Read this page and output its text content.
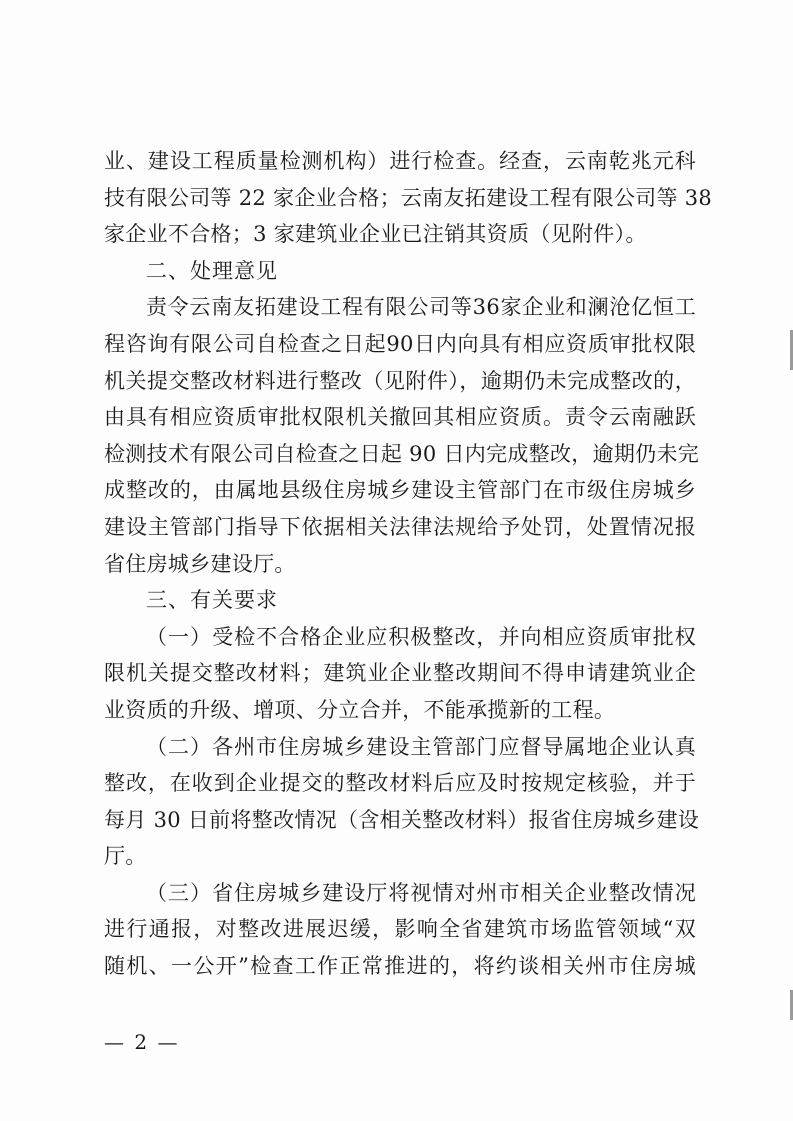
业、建设工程质量检测机构）进行检查。经查，云南乾兆元科
技有限公司等 22 家企业合格；云南友拓建设工程有限公司等 38
家企业不合格；3 家建筑业企业已注销其资质（见附件）。
二、处理意见
责令云南友拓建设工程有限公司等36家企业和澜沧亿恒工
程咨询有限公司自检查之日起90日内向具有相应资质审批权限
机关提交整改材料进行整改（见附件），逾期仍未完成整改的，
由具有相应资质审批权限机关撤回其相应资质。责令云南融跃
检测技术有限公司自检查之日起 90 日内完成整改，逾期仍未完
成整改的，由属地县级住房城乡建设主管部门在市级住房城乡
建设主管部门指导下依据相关法律法规给予处罚，处置情况报
省住房城乡建设厅。
三、有关要求
（一）受检不合格企业应积极整改，并向相应资质审批权
限机关提交整改材料；建筑业企业整改期间不得申请建筑业企
业资质的升级、增项、分立合并，不能承揽新的工程。
（二）各州市住房城乡建设主管部门应督导属地企业认真
整改，在收到企业提交的整改材料后应及时按规定核验，并于
每月 30 日前将整改情况（含相关整改材料）报省住房城乡建设
厅。
（三）省住房城乡建设厅将视情对州市相关企业整改情况
进行通报，对整改进展迟缓，影响全省建筑市场监管领域“双
随机、一公开”检查工作正常推进的，将约谈相关州市住房城
— 2 —
